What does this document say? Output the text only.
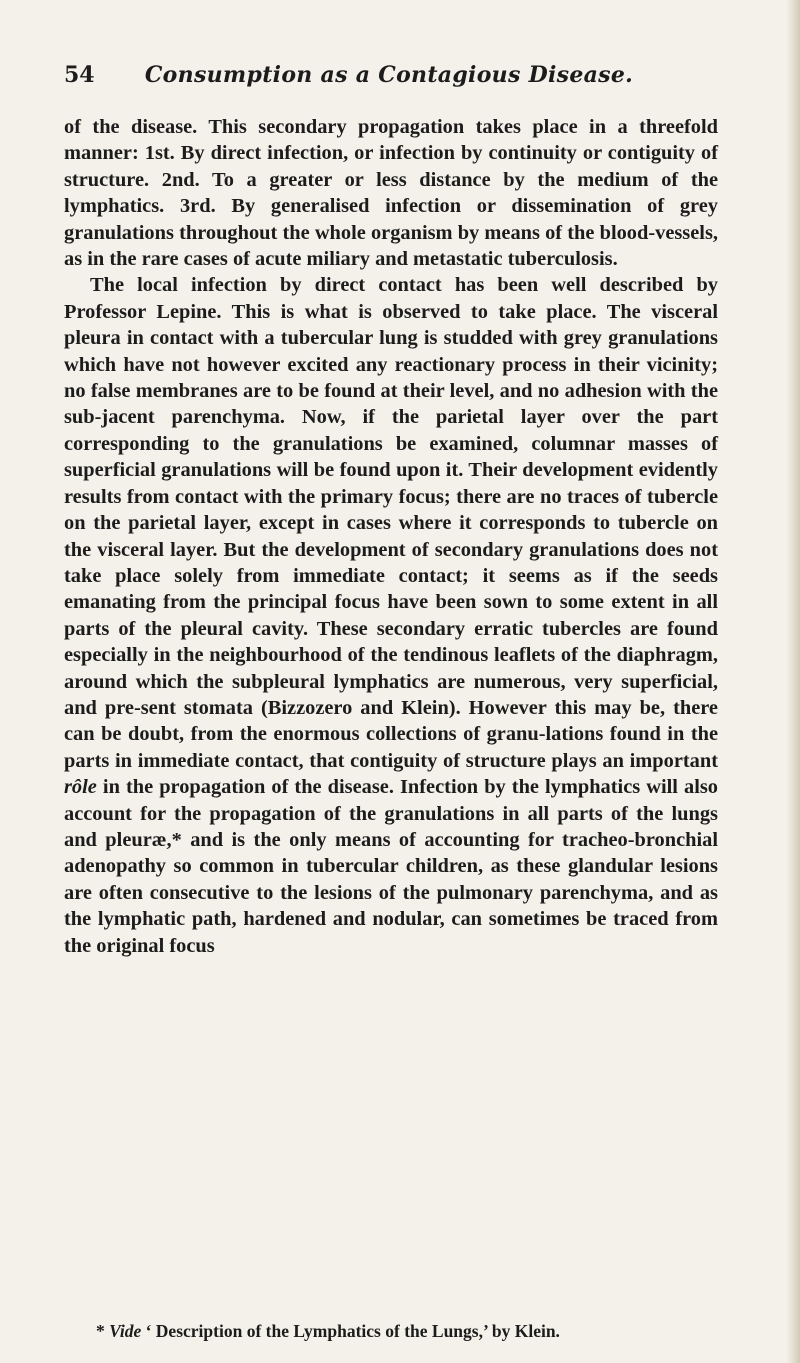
54	Consumption as a Contagious Disease.

of the disease. This secondary propagation takes place in a threefold manner: 1st. By direct infection, or infection by continuity or contiguity of structure. 2nd. To a greater or less distance by the medium of the lymphatics. 3rd. By generalised infection or dissemination of grey granulations throughout the whole organism by means of the blood-vessels, as in the rare cases of acute miliary and metastatic tuberculosis.

The local infection by direct contact has been well described by Professor Lepine. This is what is observed to take place. The visceral pleura in contact with a tubercular lung is studded with grey granulations which have not however excited any reactionary process in their vicinity; no false membranes are to be found at their level, and no adhesion with the sub-jacent parenchyma. Now, if the parietal layer over the part corresponding to the granulations be examined, columnar masses of superficial granulations will be found upon it. Their development evidently results from contact with the primary focus; there are no traces of tubercle on the parietal layer, except in cases where it corresponds to tubercle on the visceral layer. But the development of secondary granulations does not take place solely from immediate contact; it seems as if the seeds emanating from the principal focus have been sown to some extent in all parts of the pleural cavity. These secondary erratic tubercles are found especially in the neighbourhood of the tendinous leaflets of the diaphragm, around which the subpleural lymphatics are numerous, very superficial, and pre-sent stomata (Bizzozero and Klein). However this may be, there can be doubt, from the enormous collections of granu-lations found in the parts in immediate contact, that contiguity of structure plays an important rôle in the propagation of the disease. Infection by the lymphatics will also account for the propagation of the granulations in all parts of the lungs and pleuræ,* and is the only means of accounting for tracheo-bronchial adenopathy so common in tubercular children, as these glandular lesions are often consecutive to the lesions of the pulmonary parenchyma, and as the lymphatic path, hardened and nodular, can sometimes be traced from the original focus

* Vide ‘ Description of the Lymphatics of the Lungs,’ by Klein.
